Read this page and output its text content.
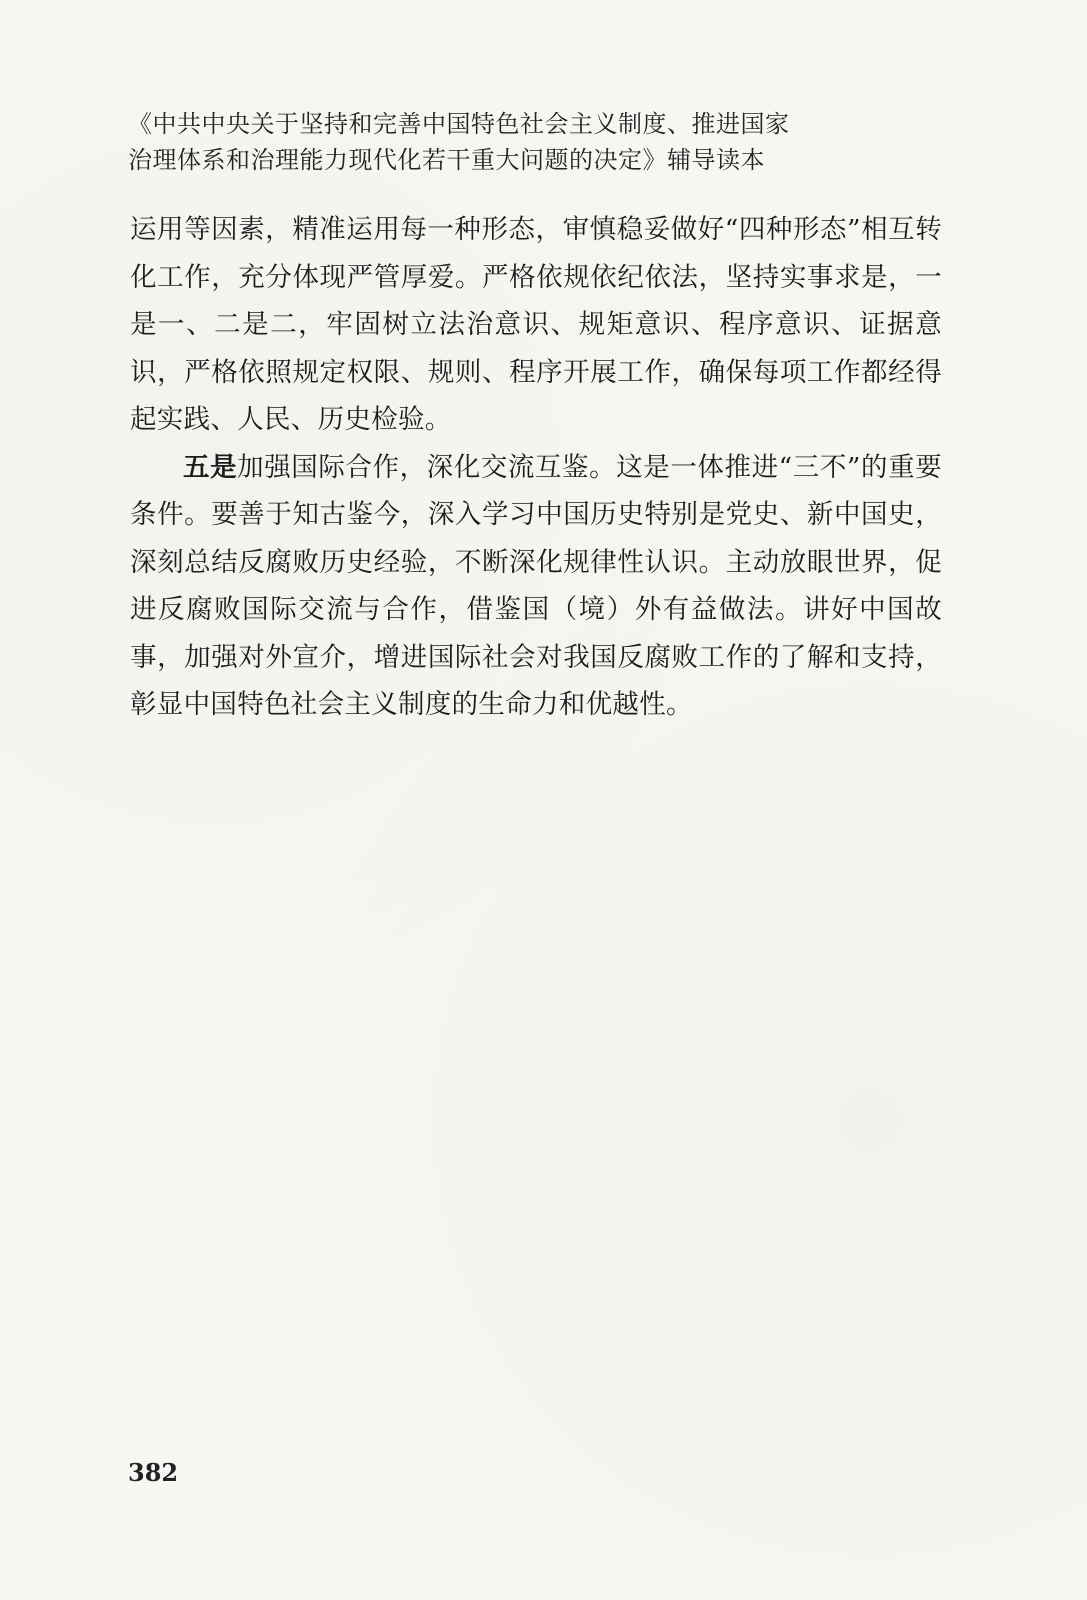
《中共中央关于坚持和完善中国特色社会主义制度、推进国家
治理体系和治理能力现代化若干重大问题的决定》辅导读本

运用等因素，精准运用每一种形态，审慎稳妥做好“四种形态”相互转化工作，充分体现严管厚爱。严格依规依纪依法，坚持实事求是，一是一、二是二，牢固树立法治意识、规矩意识、程序意识、证据意识，严格依照规定权限、规则、程序开展工作，确保每项工作都经得起实践、人民、历史检验。

五是加强国际合作，深化交流互鉴。这是一体推进“三不”的重要条件。要善于知古鉴今，深入学习中国历史特别是党史、新中国史，深刻总结反腐败历史经验，不断深化规律性认识。主动放眼世界，促进反腐败国际交流与合作，借鉴国（境）外有益做法。讲好中国故事，加强对外宣介，增进国际社会对我国反腐败工作的了解和支持，彰显中国特色社会主义制度的生命力和优越性。

382
